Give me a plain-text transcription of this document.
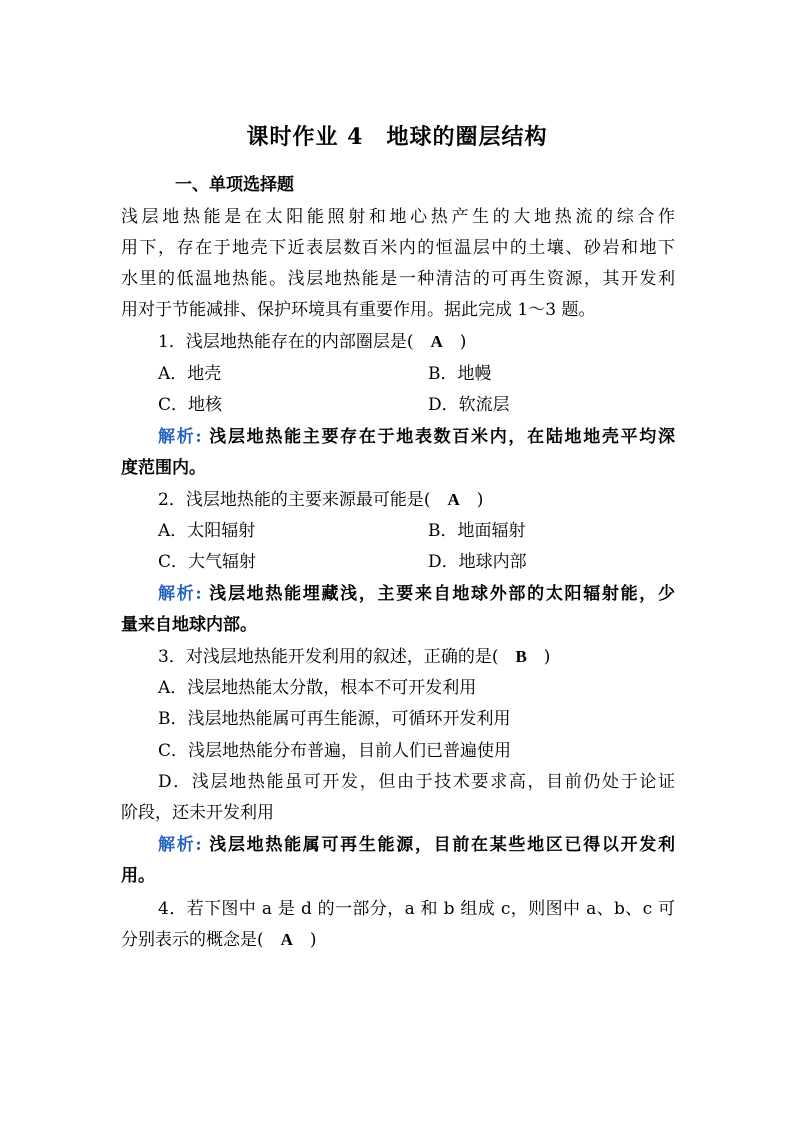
课时作业 4　地球的圈层结构
一、单项选择题
浅层地热能是在太阳能照射和地心热产生的大地热流的综合作
用下，存在于地壳下近表层数百米内的恒温层中的土壤、砂岩和地下
水里的低温地热能。浅层地热能是一种清洁的可再生资源，其开发利
用对于节能减排、保护环境具有重要作用。据此完成 1～3 题。
1．浅层地热能存在的内部圈层是(　A　)
A．地壳	B．地幔
C．地核	D．软流层
解析: 浅层地热能主要存在于地表数百米内，在陆地地壳平均深
度范围内。
2．浅层地热能的主要来源最可能是(　A　)
A．太阳辐射	B．地面辐射
C．大气辐射	D．地球内部
解析: 浅层地热能埋藏浅，主要来自地球外部的太阳辐射能，少
量来自地球内部。
3．对浅层地热能开发利用的叙述，正确的是(　B　)
A．浅层地热能太分散，根本不可开发利用
B．浅层地热能属可再生能源，可循环开发利用
C．浅层地热能分布普遍，目前人们已普遍使用
D．浅层地热能虽可开发，但由于技术要求高，目前仍处于论证
阶段，还未开发利用
解析: 浅层地热能属可再生能源，目前在某些地区已得以开发利
用。
4．若下图中 a 是 d 的一部分，a 和 b 组成 c，则图中 a、b、c 可
分别表示的概念是(　A　)
